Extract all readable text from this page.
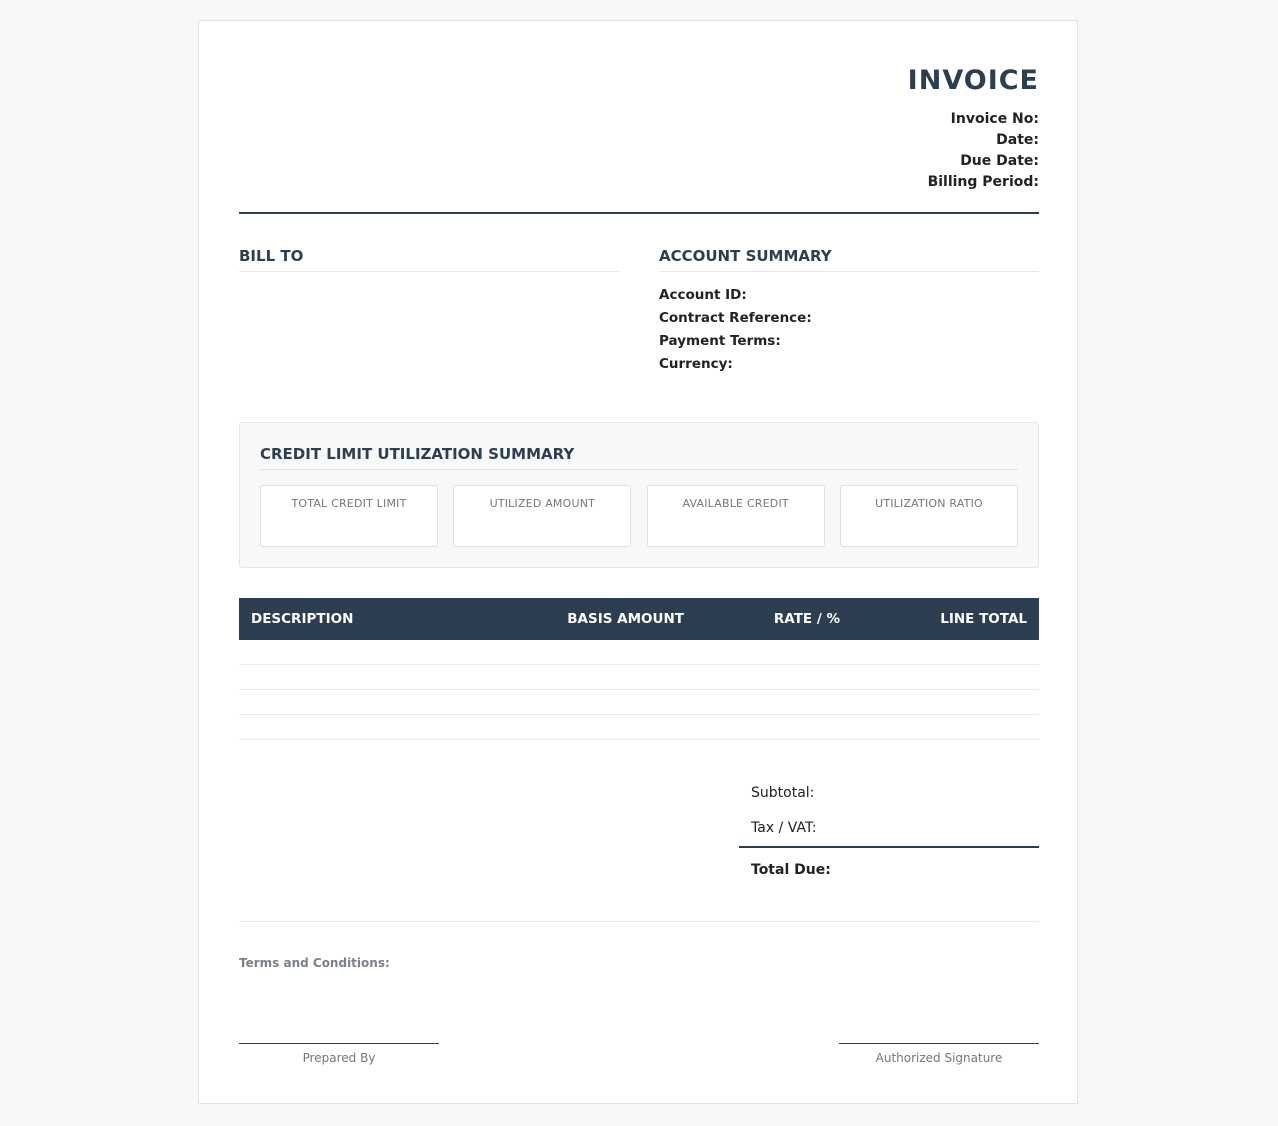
INVOICE
Invoice No:
Date:
Due Date:
Billing Period:
BILL TO	ACCOUNT SUMMARY
Account ID:
Contract Reference:
Payment Terms:
Currency:
CREDIT LIMIT UTILIZATION SUMMARY
TOTAL CREDIT LIMIT	UTILIZED AMOUNT	AVAILABLE CREDIT	UTILIZATION RATIO
DESCRIPTION	BASIS AMOUNT	RATE / %	LINE TOTAL
Subtotal:
Tax / VAT:
Total Due:
Terms and Conditions:
Prepared By	Authorized Signature
